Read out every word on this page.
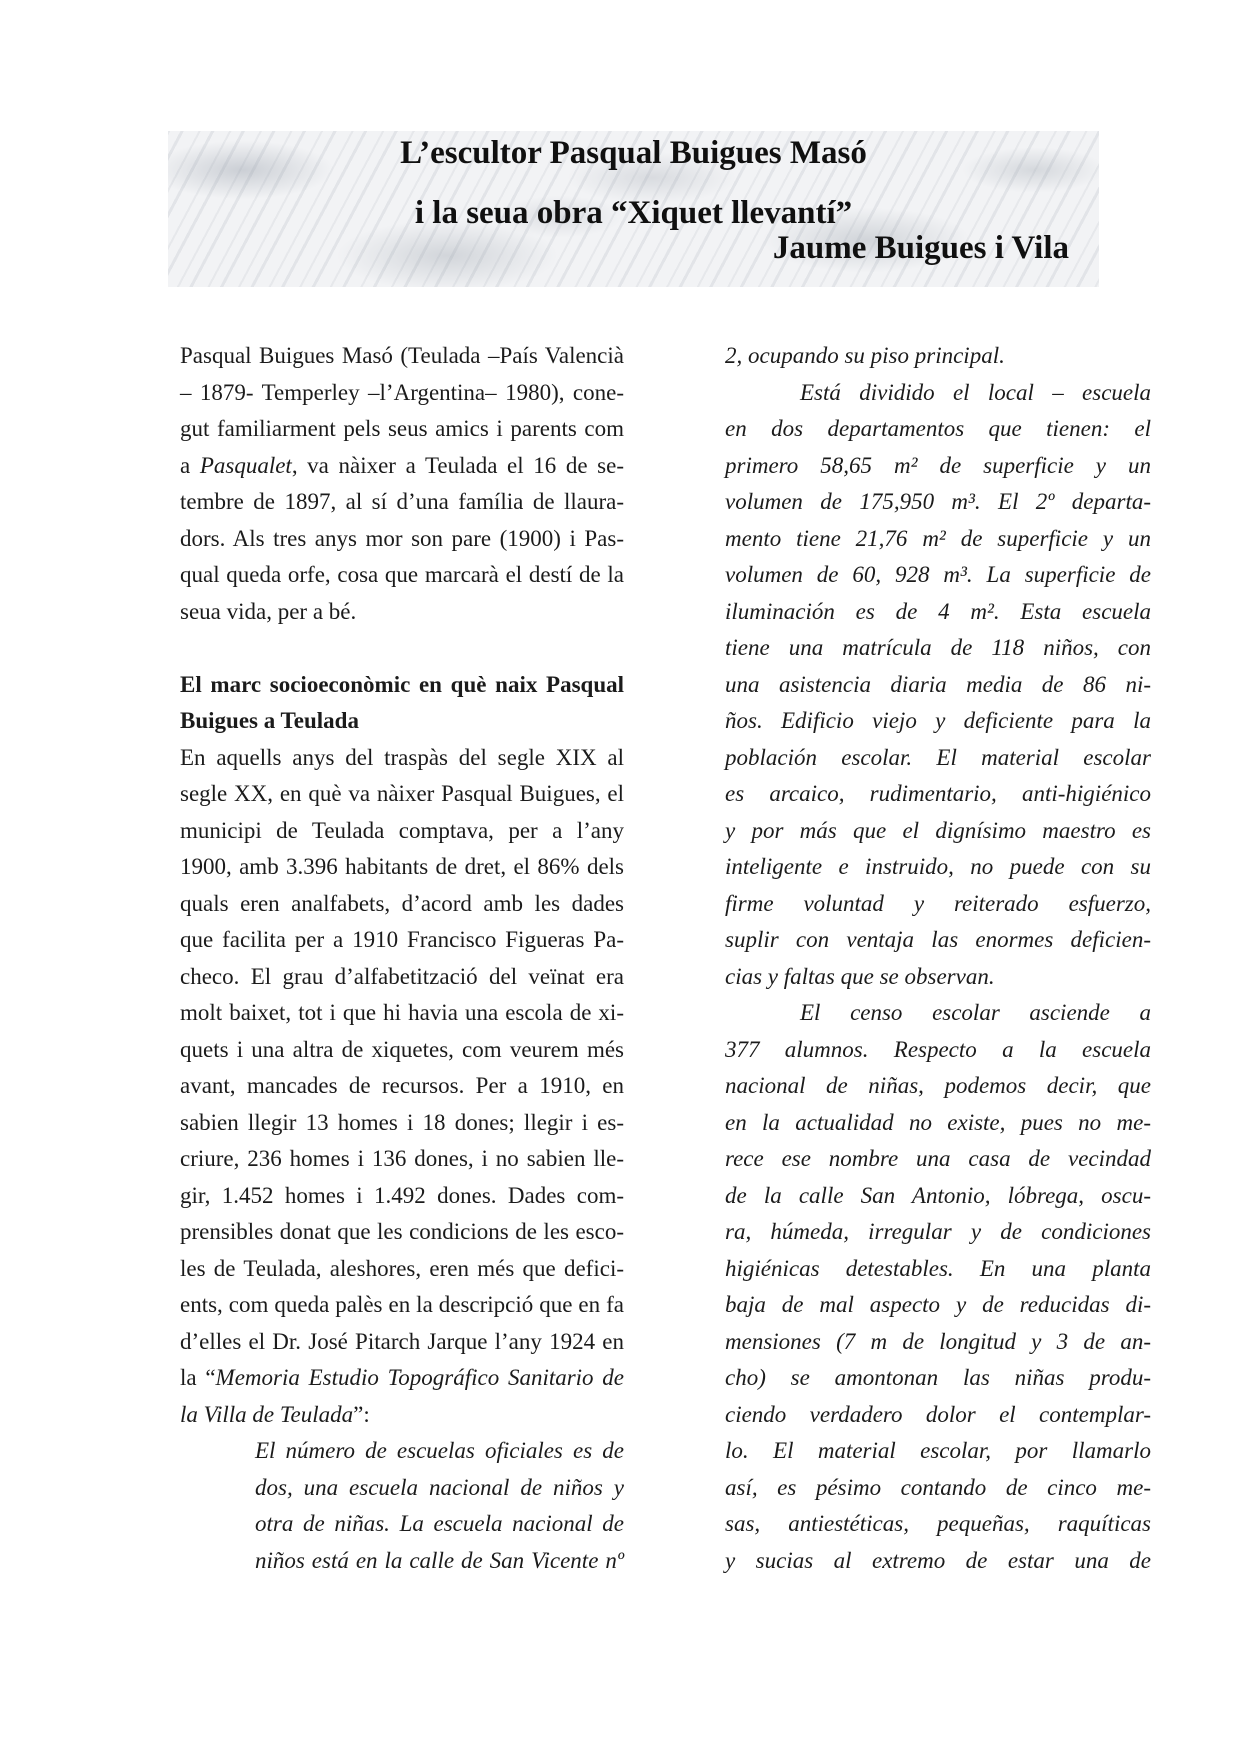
L’escultor Pasqual Buigues Masó
i la seua obra “Xiquet llevantí”
Jaume Buigues i Vila
Pasqual Buigues Masó (Teulada –País Valencià
– 1879- Temperley –l’Argentina– 1980), cone-
gut familiarment pels seus amics i parents com
a Pasqualet, va nàixer a Teulada el 16 de se-
tembre de 1897, al sí d’una família de llaura-
dors. Als tres anys mor son pare (1900) i Pas-
qual queda orfe, cosa que marcarà el destí de la
seua vida, per a bé.
El marc socioeconòmic en què naix Pasqual
Buigues a Teulada
En aquells anys del traspàs del segle XIX al
segle XX, en què va nàixer Pasqual Buigues, el
municipi de Teulada comptava, per a l’any
1900, amb 3.396 habitants de dret, el 86% dels
quals eren analfabets, d’acord amb les dades
que facilita per a 1910 Francisco Figueras Pa-
checo. El grau d’alfabetització del veïnat era
molt baixet, tot i que hi havia una escola de xi-
quets i una altra de xiquetes, com veurem més
avant, mancades de recursos. Per a 1910, en
sabien llegir 13 homes i 18 dones; llegir i es-
criure, 236 homes i 136 dones, i no sabien lle-
gir, 1.452 homes i 1.492 dones. Dades com-
prensibles donat que les condicions de les esco-
les de Teulada, aleshores, eren més que defici-
ents, com queda palès en la descripció que en fa
d’elles el Dr. José Pitarch Jarque l’any 1924 en
la “Memoria Estudio Topográfico Sanitario de
la Villa de Teulada”:
El número de escuelas oficiales es de
dos, una escuela nacional de niños y
otra de niñas. La escuela nacional de
niños está en la calle de San Vicente nº
2, ocupando su piso principal.
Está dividido el local – escuela
en dos departamentos que tienen: el
primero 58,65 m² de superficie y un
volumen de 175,950 m³. El 2º departa-
mento tiene 21,76 m² de superficie y un
volumen de 60, 928 m³. La superficie de
iluminación es de 4 m². Esta escuela
tiene una matrícula de 118 niños, con
una asistencia diaria media de 86 ni-
ños. Edificio viejo y deficiente para la
población escolar. El material escolar
es arcaico, rudimentario, anti-higiénico
y por más que el dignísimo maestro es
inteligente e instruido, no puede con su
firme voluntad y reiterado esfuerzo,
suplir con ventaja las enormes deficien-
cias y faltas que se observan.
El censo escolar asciende a
377 alumnos. Respecto a la escuela
nacional de niñas, podemos decir, que
en la actualidad no existe, pues no me-
rece ese nombre una casa de vecindad
de la calle San Antonio, lóbrega, oscu-
ra, húmeda, irregular y de condiciones
higiénicas detestables. En una planta
baja de mal aspecto y de reducidas di-
mensiones (7 m de longitud y 3 de an-
cho) se amontonan las niñas produ-
ciendo verdadero dolor el contemplar-
lo. El material escolar, por llamarlo
así, es pésimo contando de cinco me-
sas, antiestéticas, pequeñas, raquíticas
y sucias al extremo de estar una de
